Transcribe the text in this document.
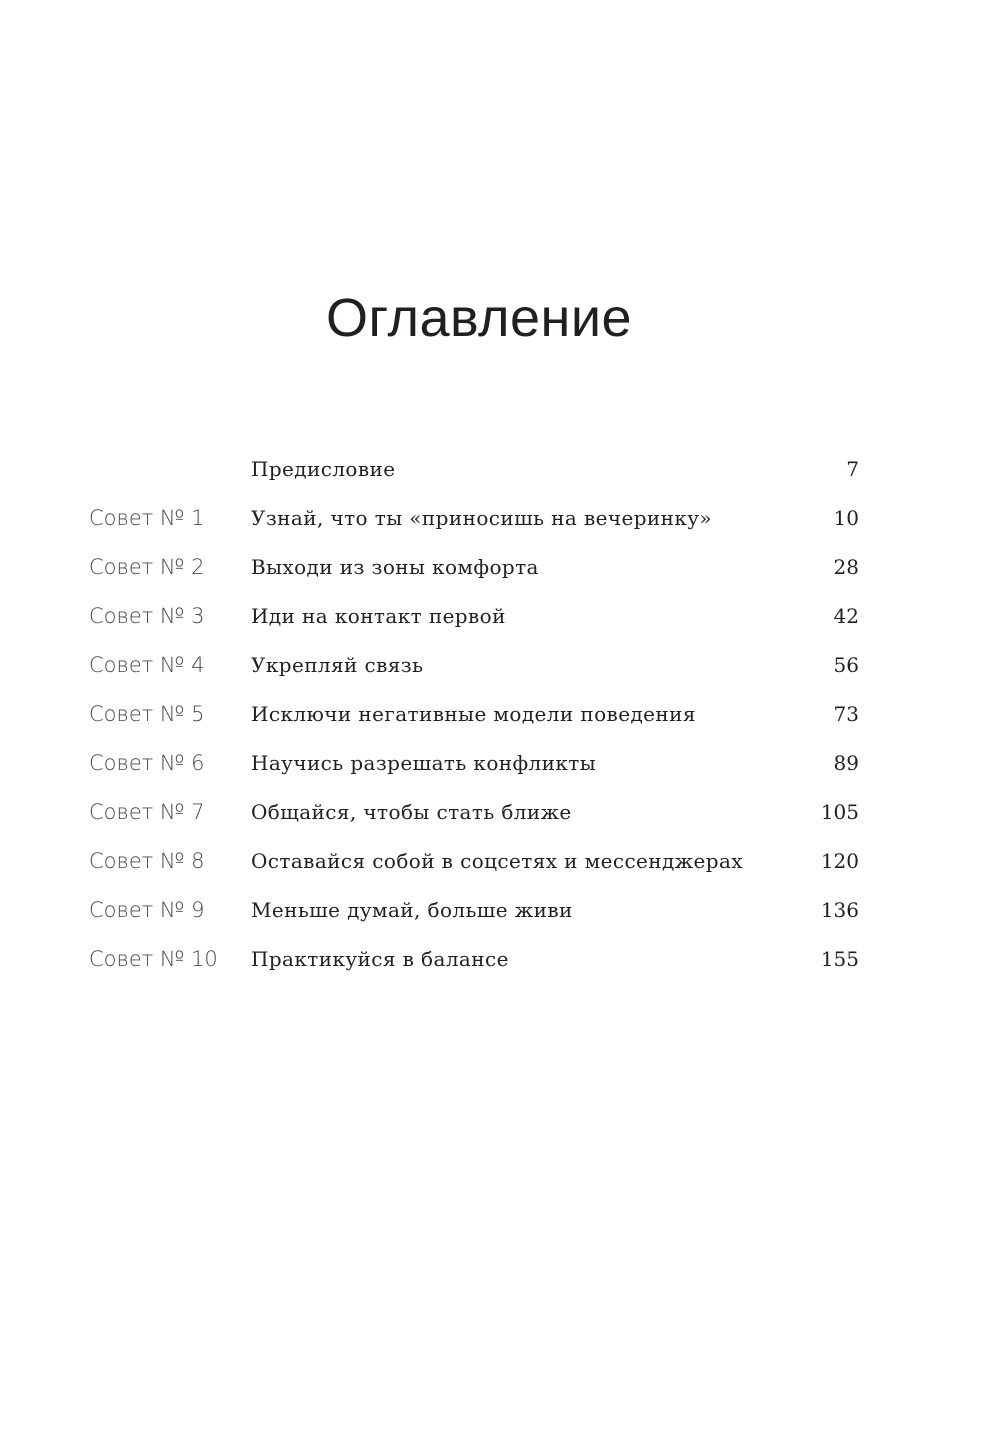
Оглавление
Предисловие	7
Совет № 1 Узнай, что ты «приносишь на вечеринку»	10
Совет № 2 Выходи из зоны комфорта	28
Совет № 3 Иди на контакт первой	42
Совет № 4 Укрепляй связь	56
Совет № 5 Исключи негативные модели поведения	73
Совет № 6 Научись разрешать конфликты	89
Совет № 7 Общайся, чтобы стать ближе	105
Совет № 8 Оставайся собой в соцсетях и мессенджерах	120
Совет № 9 Меньше думай, больше живи	136
Совет № 10 Практикуйся в балансе	155
